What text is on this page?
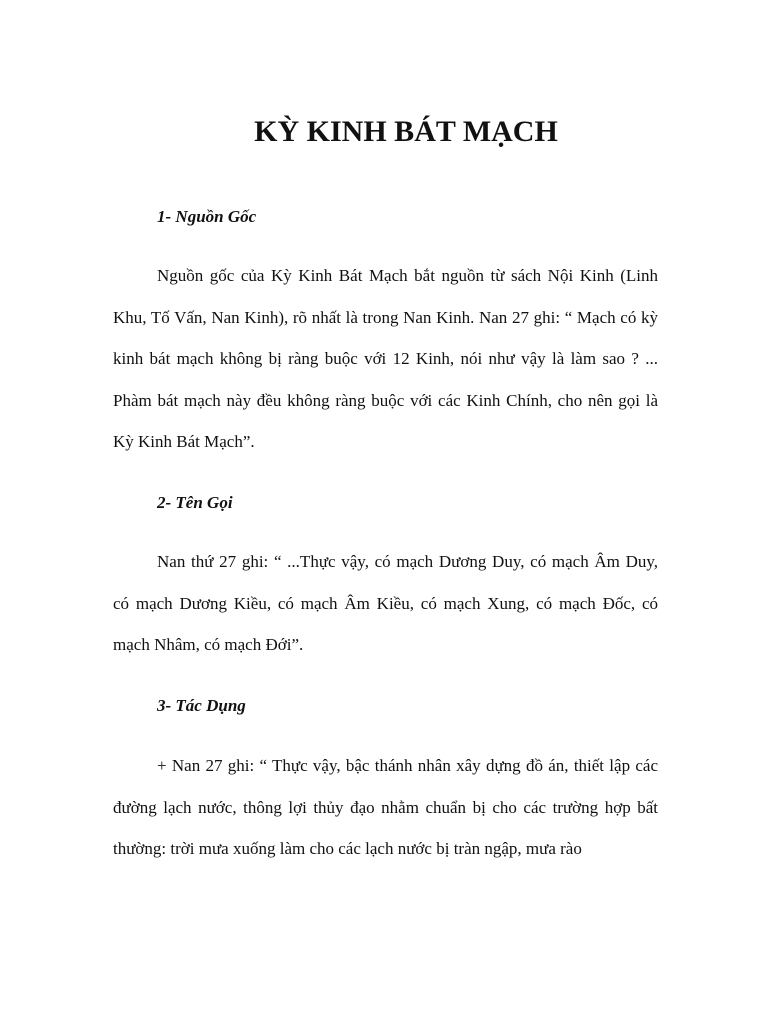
KỲ KINH BÁT MẠCH
1- Nguồn Gốc

Nguồn gốc của Kỳ Kinh Bát Mạch bắt nguồn từ sách Nội Kinh (Linh Khu, Tố Vấn, Nan Kinh), rõ nhất là trong Nan Kinh. Nan 27 ghi: “ Mạch có kỳ kinh bát mạch không bị ràng buộc với 12 Kinh, nói như vậy là làm sao ? ... Phàm bát mạch này đều không ràng buộc với các Kinh Chính, cho nên gọi là Kỳ Kinh Bát Mạch”.

2- Tên Gọi

Nan thứ 27 ghi: “ ...Thực vậy, có mạch Dương Duy, có mạch Âm Duy, có mạch Dương Kiều, có mạch Âm Kiều, có mạch Xung, có mạch Đốc, có mạch Nhâm, có mạch Đới”.

3- Tác Dụng

+ Nan 27 ghi: “ Thực vậy, bậc thánh nhân xây dựng đồ án, thiết lập các đường lạch nước, thông lợi thủy đạo nhằm chuẩn bị cho các trường hợp bất thường: trời mưa xuống làm cho các lạch nước bị tràn ngập, mưa rào
